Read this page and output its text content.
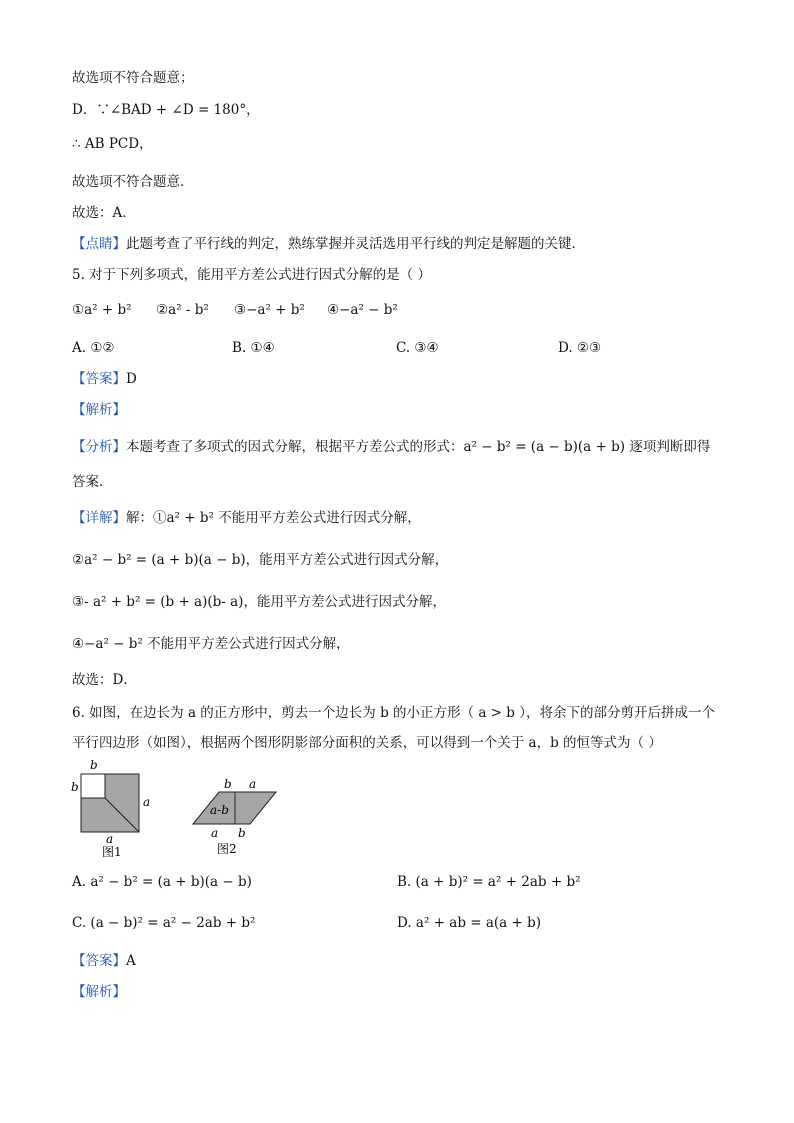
故选项不符合题意；
D．∵∠BAD + ∠D = 180°，
∴ AB PCD，
故选项不符合题意．
故选：A．
【点睛】此题考查了平行线的判定，熟练掌握并灵活选用平行线的判定是解题的关键．
5. 对于下列多项式，能用平方差公式进行因式分解的是（ ）
①a² + b² ②a² - b² ③−a² + b² ④−a² − b²
A. ①②	B. ①④	C. ③④	D. ②③
【答案】D
【解析】
【分析】本题考查了多项式的因式分解，根据平方差公式的形式：a² − b² = (a − b)(a + b) 逐项判断即得
答案．
【详解】解：①a² + b² 不能用平方差公式进行因式分解，
②a² − b² = (a + b)(a − b)，能用平方差公式进行因式分解，
③- a² + b² = (b + a)(b- a)，能用平方差公式进行因式分解，
④−a² − b² 不能用平方差公式进行因式分解，
故选：D．
6. 如图，在边长为 a 的正方形中，剪去一个边长为 b 的小正方形（ a > b ），将余下的部分剪开后拼成一个
平行四边形（如图），根据两个图形阴影部分面积的关系，可以得到一个关于 a，b 的恒等式为（ ）
b
b
a
a
图1
b a
a-b
a b
图2
A. a² − b² = (a + b)(a − b)	B. (a + b)² = a² + 2ab + b²
C. (a − b)² = a² − 2ab + b²	D. a² + ab = a(a + b)
【答案】A
【解析】
